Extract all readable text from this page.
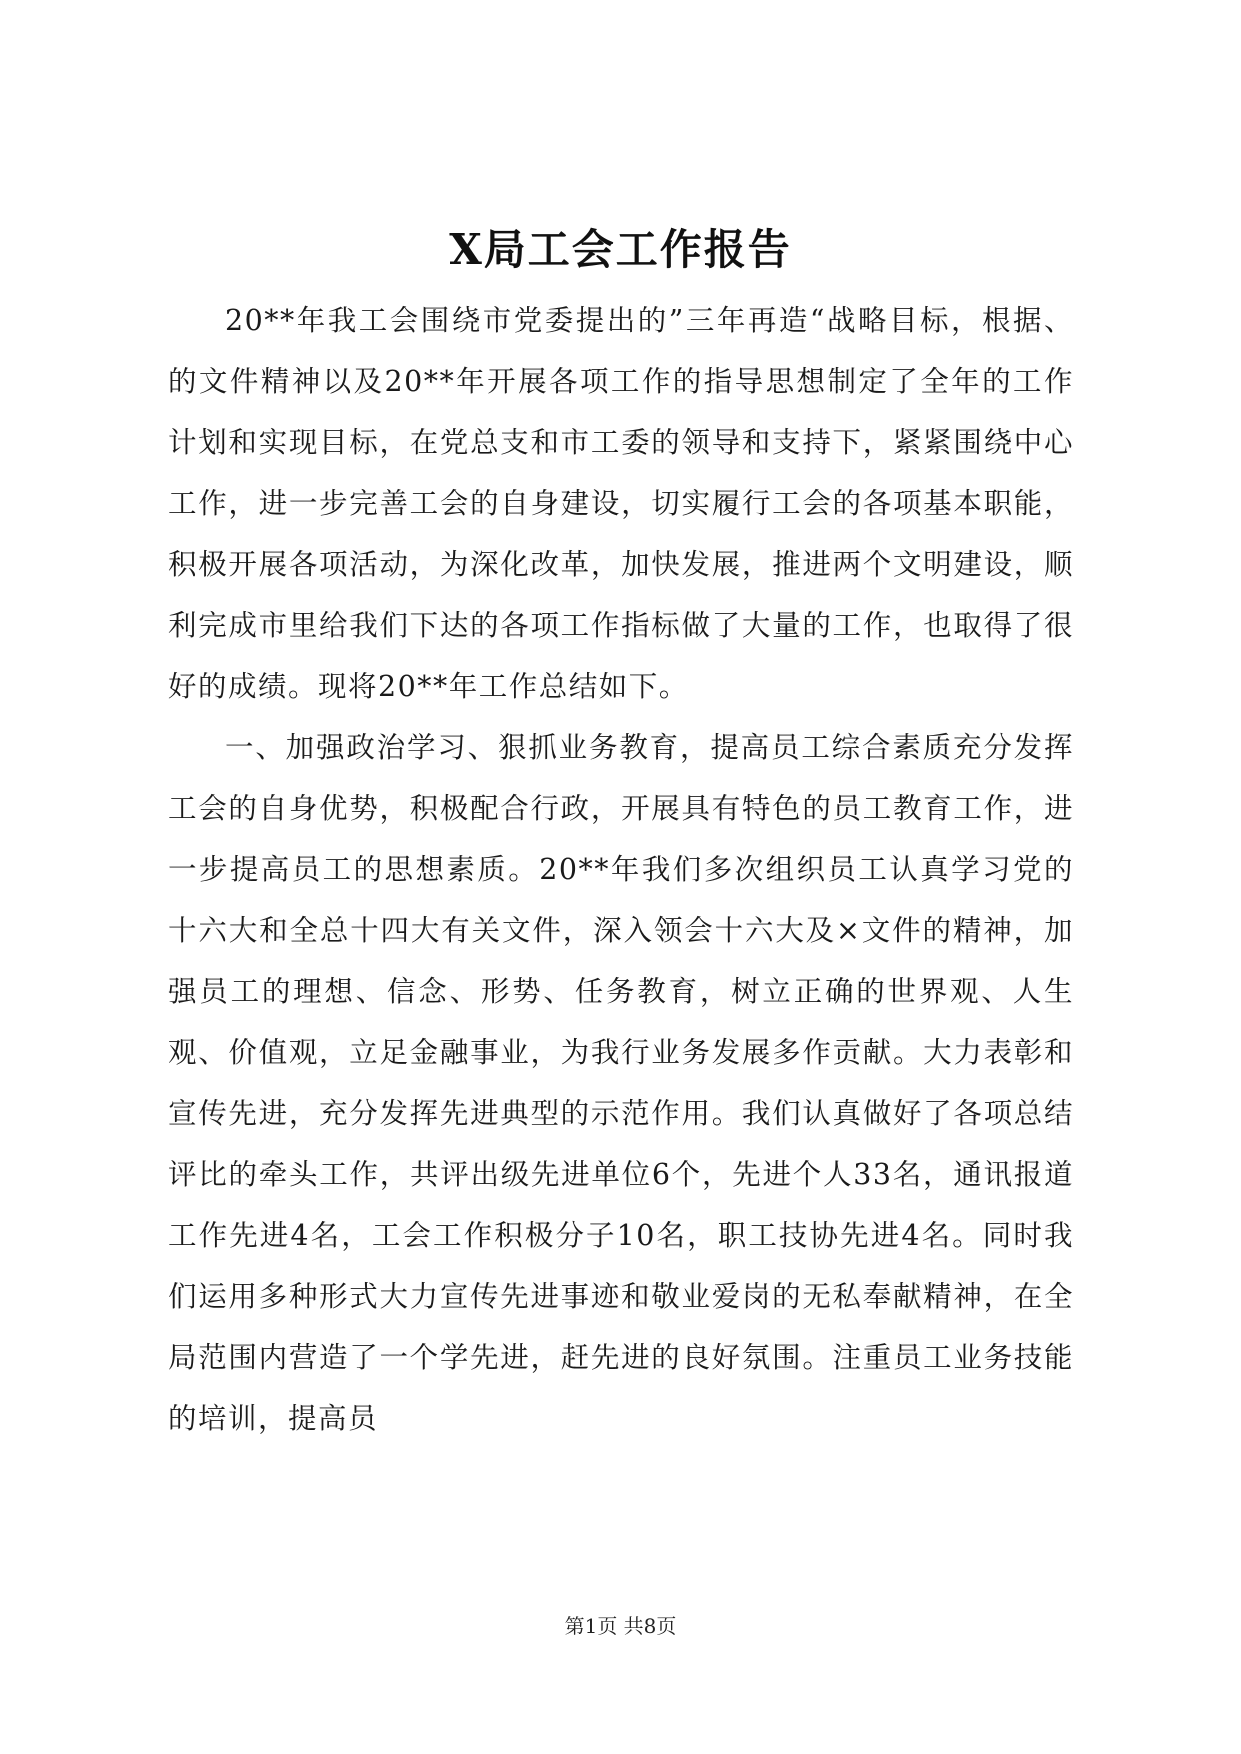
X局工会工作报告

20**年我工会围绕市党委提出的”三年再造“战略目标，根据、的文件精神以及20**年开展各项工作的指导思想制定了全年的工作计划和实现目标，在党总支和市工委的领导和支持下，紧紧围绕中心工作，进一步完善工会的自身建设，切实履行工会的各项基本职能，积极开展各项活动，为深化改革，加快发展，推进两个文明建设，顺利完成市里给我们下达的各项工作指标做了大量的工作，也取得了很好的成绩。现将20**年工作总结如下。

一、加强政治学习、狠抓业务教育，提高员工综合素质充分发挥工会的自身优势，积极配合行政，开展具有特色的员工教育工作，进一步提高员工的思想素质。20**年我们多次组织员工认真学习党的十六大和全总十四大有关文件，深入领会十六大及×文件的精神，加强员工的理想、信念、形势、任务教育，树立正确的世界观、人生观、价值观，立足金融事业，为我行业务发展多作贡献。大力表彰和宣传先进，充分发挥先进典型的示范作用。我们认真做好了各项总结评比的牵头工作，共评出级先进单位6个，先进个人33名，通讯报道工作先进4名，工会工作积极分子10名，职工技协先进4名。同时我们运用多种形式大力宣传先进事迹和敬业爱岗的无私奉献精神，在全局范围内营造了一个学先进，赶先进的良好氛围。注重员工业务技能的培训，提高员

第1页 共8页
